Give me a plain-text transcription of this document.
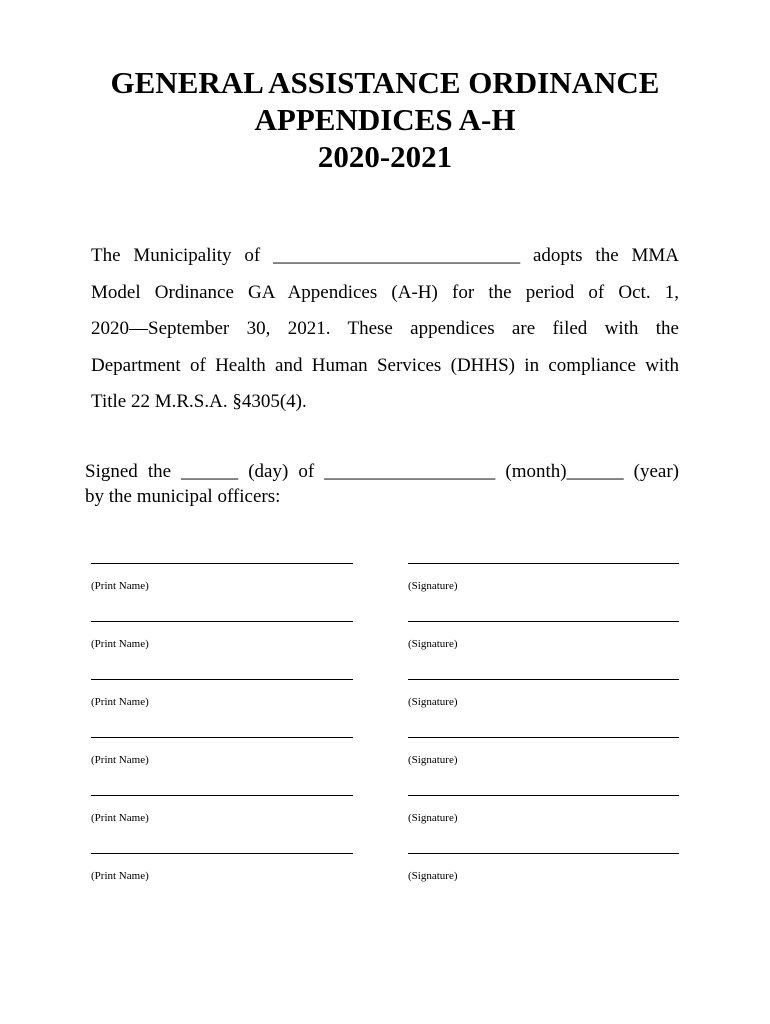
GENERAL ASSISTANCE ORDINANCE
APPENDICES A-H
2020-2021
The Municipality of __________________________ adopts the MMA
Model Ordinance GA Appendices (A-H) for the period of Oct. 1,
2020—September 30, 2021. These appendices are filed with the
Department of Health and Human Services (DHHS) in compliance with
Title 22 M.R.S.A. §4305(4).
Signed the ______ (day) of __________________ (month)______ (year)
by the municipal officers:
(Print Name)	(Signature)
(Print Name)	(Signature)
(Print Name)	(Signature)
(Print Name)	(Signature)
(Print Name)	(Signature)
(Print Name)	(Signature)
